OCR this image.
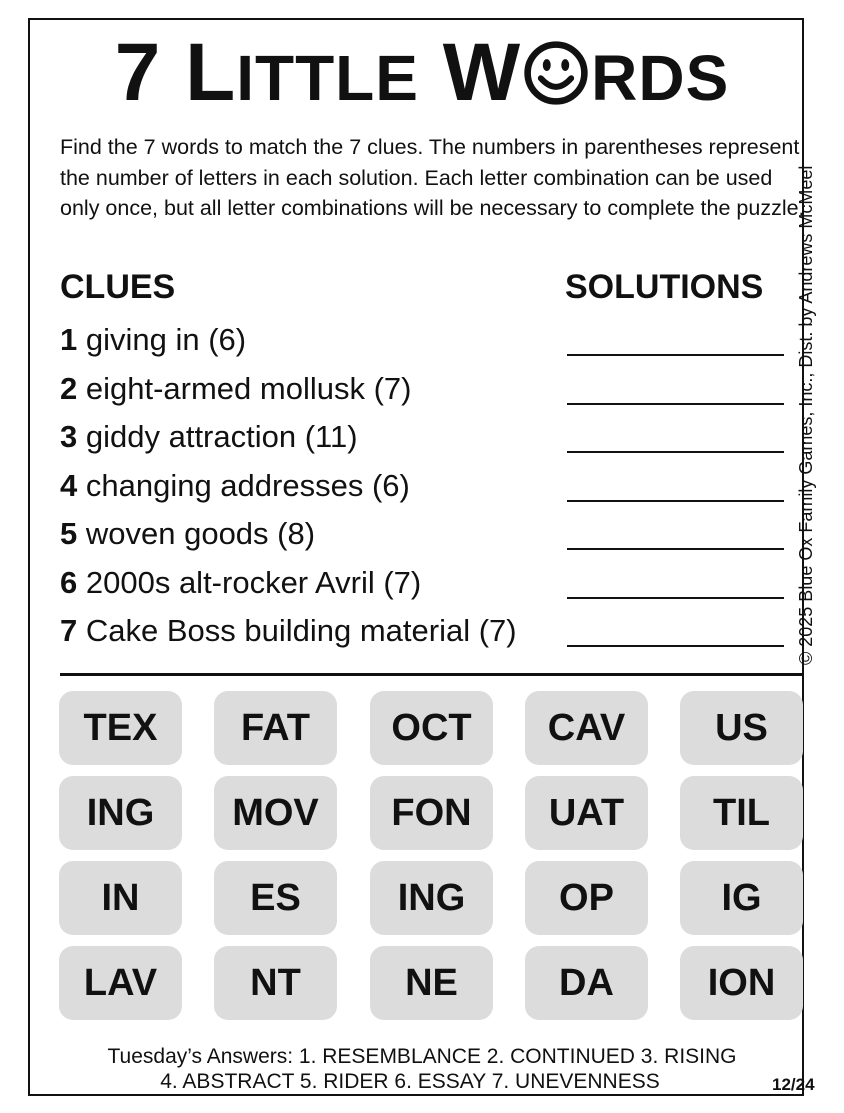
7 LITTLE W RDS
Find the 7 words to match the 7 clues. The numbers in parentheses represent the number of letters in each solution. Each letter combination can be used only once, but all letter combinations will be necessary to complete the puzzle.
© 2025 Blue Ox Family Games, Inc., Dist. by Andrews McMeel
CLUES	SOLUTIONS
1 giving in (6)
2 eight-armed mollusk (7)
3 giddy attraction (11)
4 changing addresses (6)
5 woven goods (8)
6 2000s alt-rocker Avril (7)
7 Cake Boss building material (7)
TEX	FAT	OCT	CAV	US
ING	MOV	FON	UAT	TIL
IN	ES	ING	OP	IG
LAV	NT	NE	DA	ION
Tuesday’s Answers: 1. RESEMBLANCE 2. CONTINUED 3. RISING
4. ABSTRACT 5. RIDER 6. ESSAY 7. UNEVENNESS	12/24
